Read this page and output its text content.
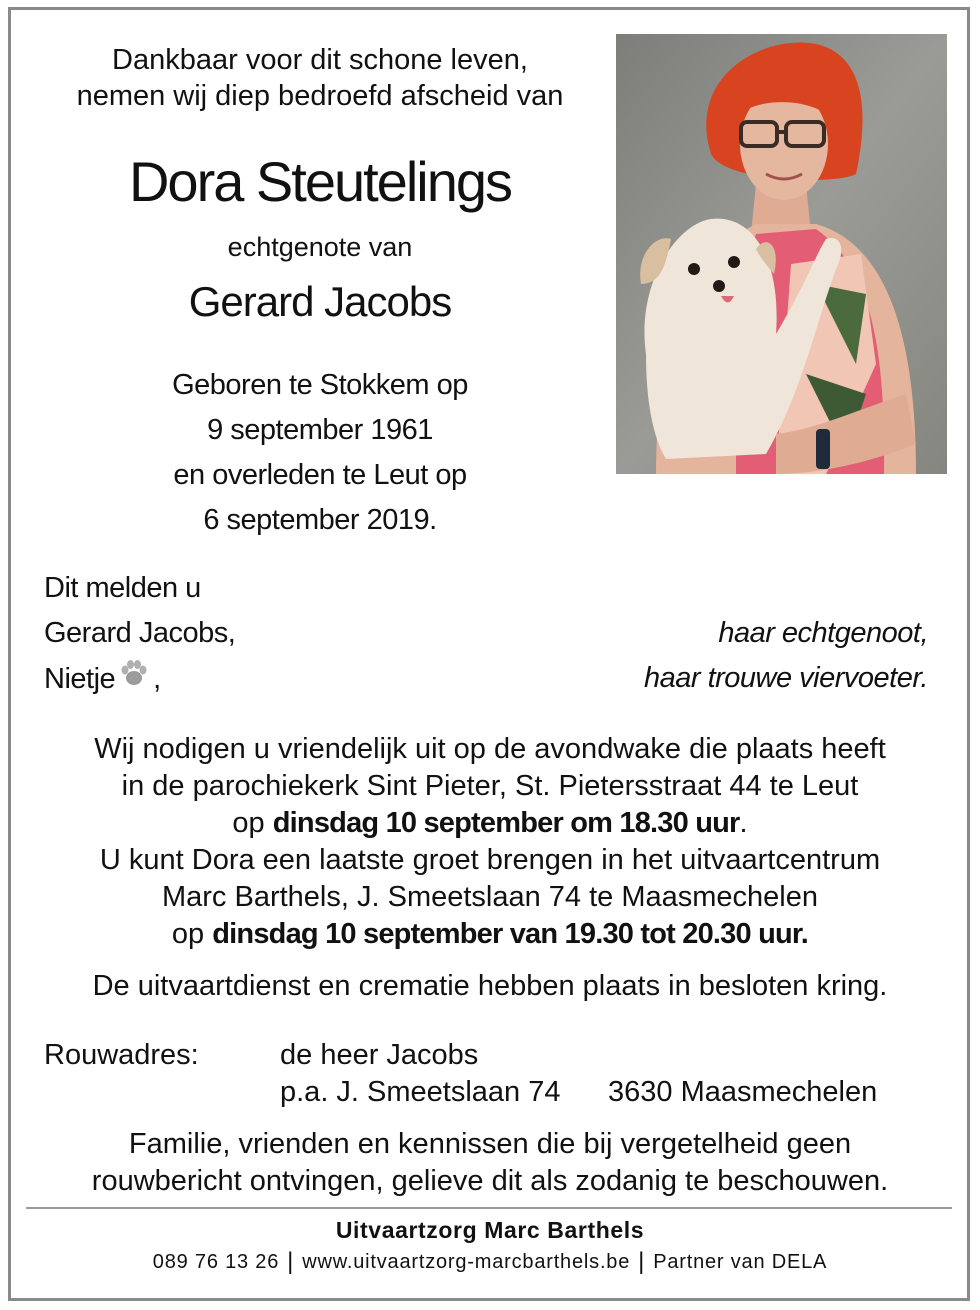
Dankbaar voor dit schone leven,
nemen wij diep bedroefd afscheid van
Dora Steutelings
echtgenote van
Gerard Jacobs
Geboren te Stokkem op
9 september 1961
en overleden te Leut op
6 september 2019.
Dit melden u
Gerard Jacobs,	haar echtgenoot,
Nietje ,	haar trouwe viervoeter.
Wij nodigen u vriendelijk uit op de avondwake die plaats heeft
in de parochiekerk Sint Pieter, St. Pietersstraat 44 te Leut
op dinsdag 10 september om 18.30 uur.
U kunt Dora een laatste groet brengen in het uitvaartcentrum
Marc Barthels, J. Smeetslaan 74 te Maasmechelen
op dinsdag 10 september van 19.30 tot 20.30 uur.
De uitvaartdienst en crematie hebben plaats in besloten kring.
Rouwadres:	de heer Jacobs
p.a. J. Smeetslaan 74 3630 Maasmechelen
Familie, vrienden en kennissen die bij vergetelheid geen
rouwbericht ontvingen, gelieve dit als zodanig te beschouwen.
Uitvaartzorg Marc Barthels
089 76 13 26 | www.uitvaartzorg-marcbarthels.be | Partner van DELA
